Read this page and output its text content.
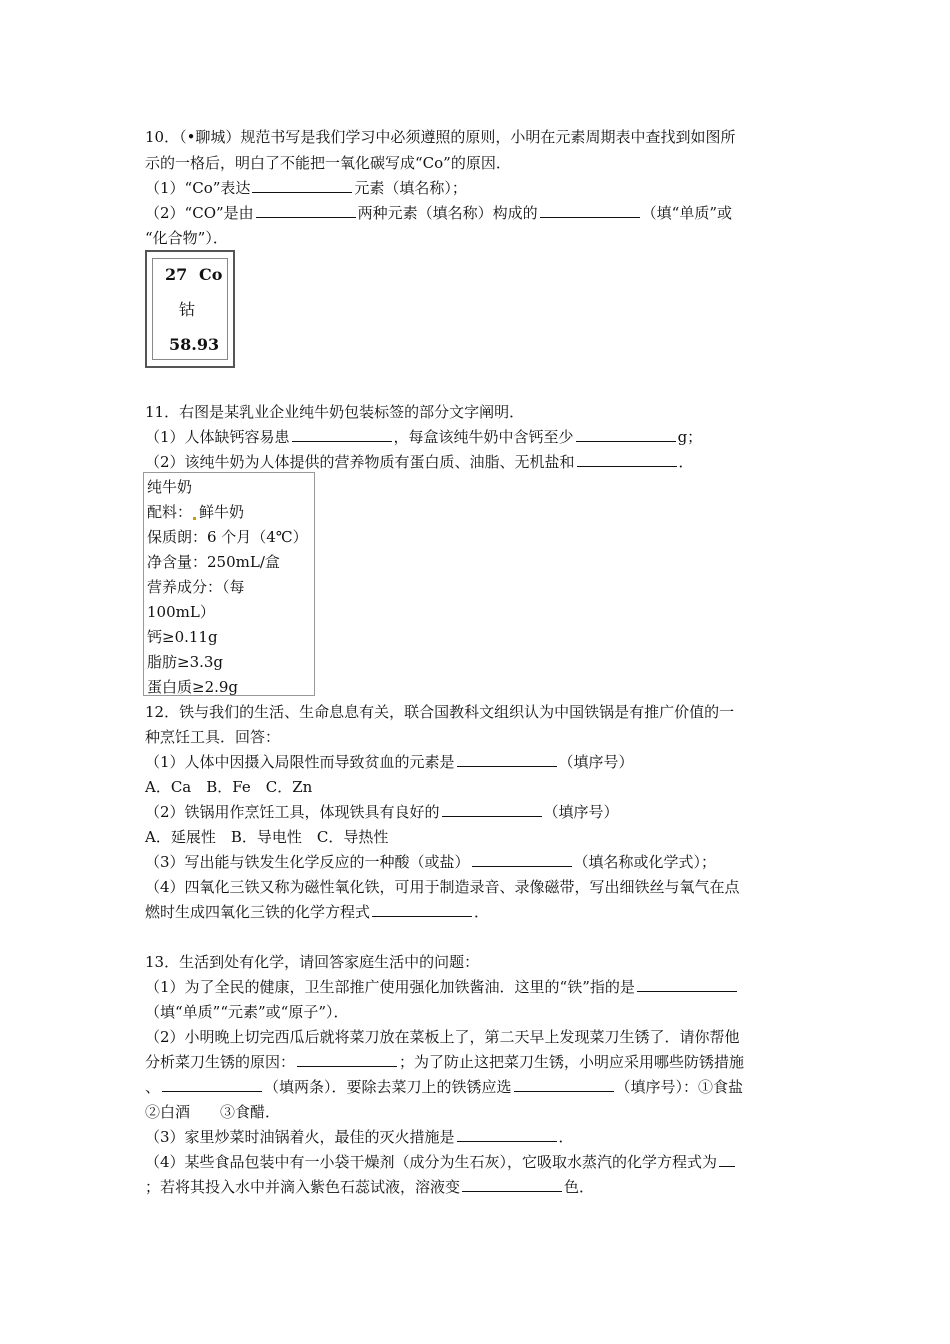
10．（•聊城）规范书写是我们学习中必须遵照的原则，小明在元素周期表中查找到如图所
示的一格后，明白了不能把一氧化碳写成“Co”的原因．
（1）“Co”表达	元素（填名称）；
（2）“CO”是由	两种元素（填名称）构成的	（填“单质”或
“化合物”）．
27 Co
钴
58.93
11．右图是某乳业企业纯牛奶包装标签的部分文字阐明．
（1）人体缺钙容易患	，每盒该纯牛奶中含钙至少	g；
（2）该纯牛奶为人体提供的营养物质有蛋白质、油脂、无机盐和	．
纯牛奶
配料： 鲜牛奶
保质朗：6 个月（4℃）
净含量：250mL/盒
营养成分：（每
100mL）
钙≥0.11g
脂肪≥3.3g
蛋白质≥2.9g
12．铁与我们的生活、生命息息有关，联合国教科文组织认为中国铁锅是有推广价值的一
种烹饪工具．回答：
（1）人体中因摄入局限性而导致贫血的元素是	（填序号）
A．Ca　B．Fe　C．Zn
（2）铁锅用作烹饪工具，体现铁具有良好的	（填序号）
A．延展性　B．导电性　C．导热性
（3）写出能与铁发生化学反应的一种酸（或盐）	（填名称或化学式）；
（4）四氧化三铁又称为磁性氧化铁，可用于制造录音、录像磁带，写出细铁丝与氧气在点
燃时生成四氧化三铁的化学方程式	．
13．生活到处有化学，请回答家庭生活中的问题：
（1）为了全民的健康，卫生部推广使用强化加铁酱油．这里的“铁”指的是
（填“单质”“元素”或“原子”）．
（2）小明晚上切完西瓜后就将菜刀放在菜板上了，第二天早上发现菜刀生锈了．请你帮他
分析菜刀生锈的原因：	；为了防止这把菜刀生锈，小明应采用哪些防锈措施
、	（填两条）．要除去菜刀上的铁锈应选	（填序号）：①食盐
②白酒　　③食醋．
（3）家里炒菜时油锅着火，最佳的灭火措施是	．
（4）某些食品包装中有一小袋干燥剂（成分为生石灰），它吸取水蒸汽的化学方程式为
；若将其投入水中并滴入紫色石蕊试液，溶液变	色．
